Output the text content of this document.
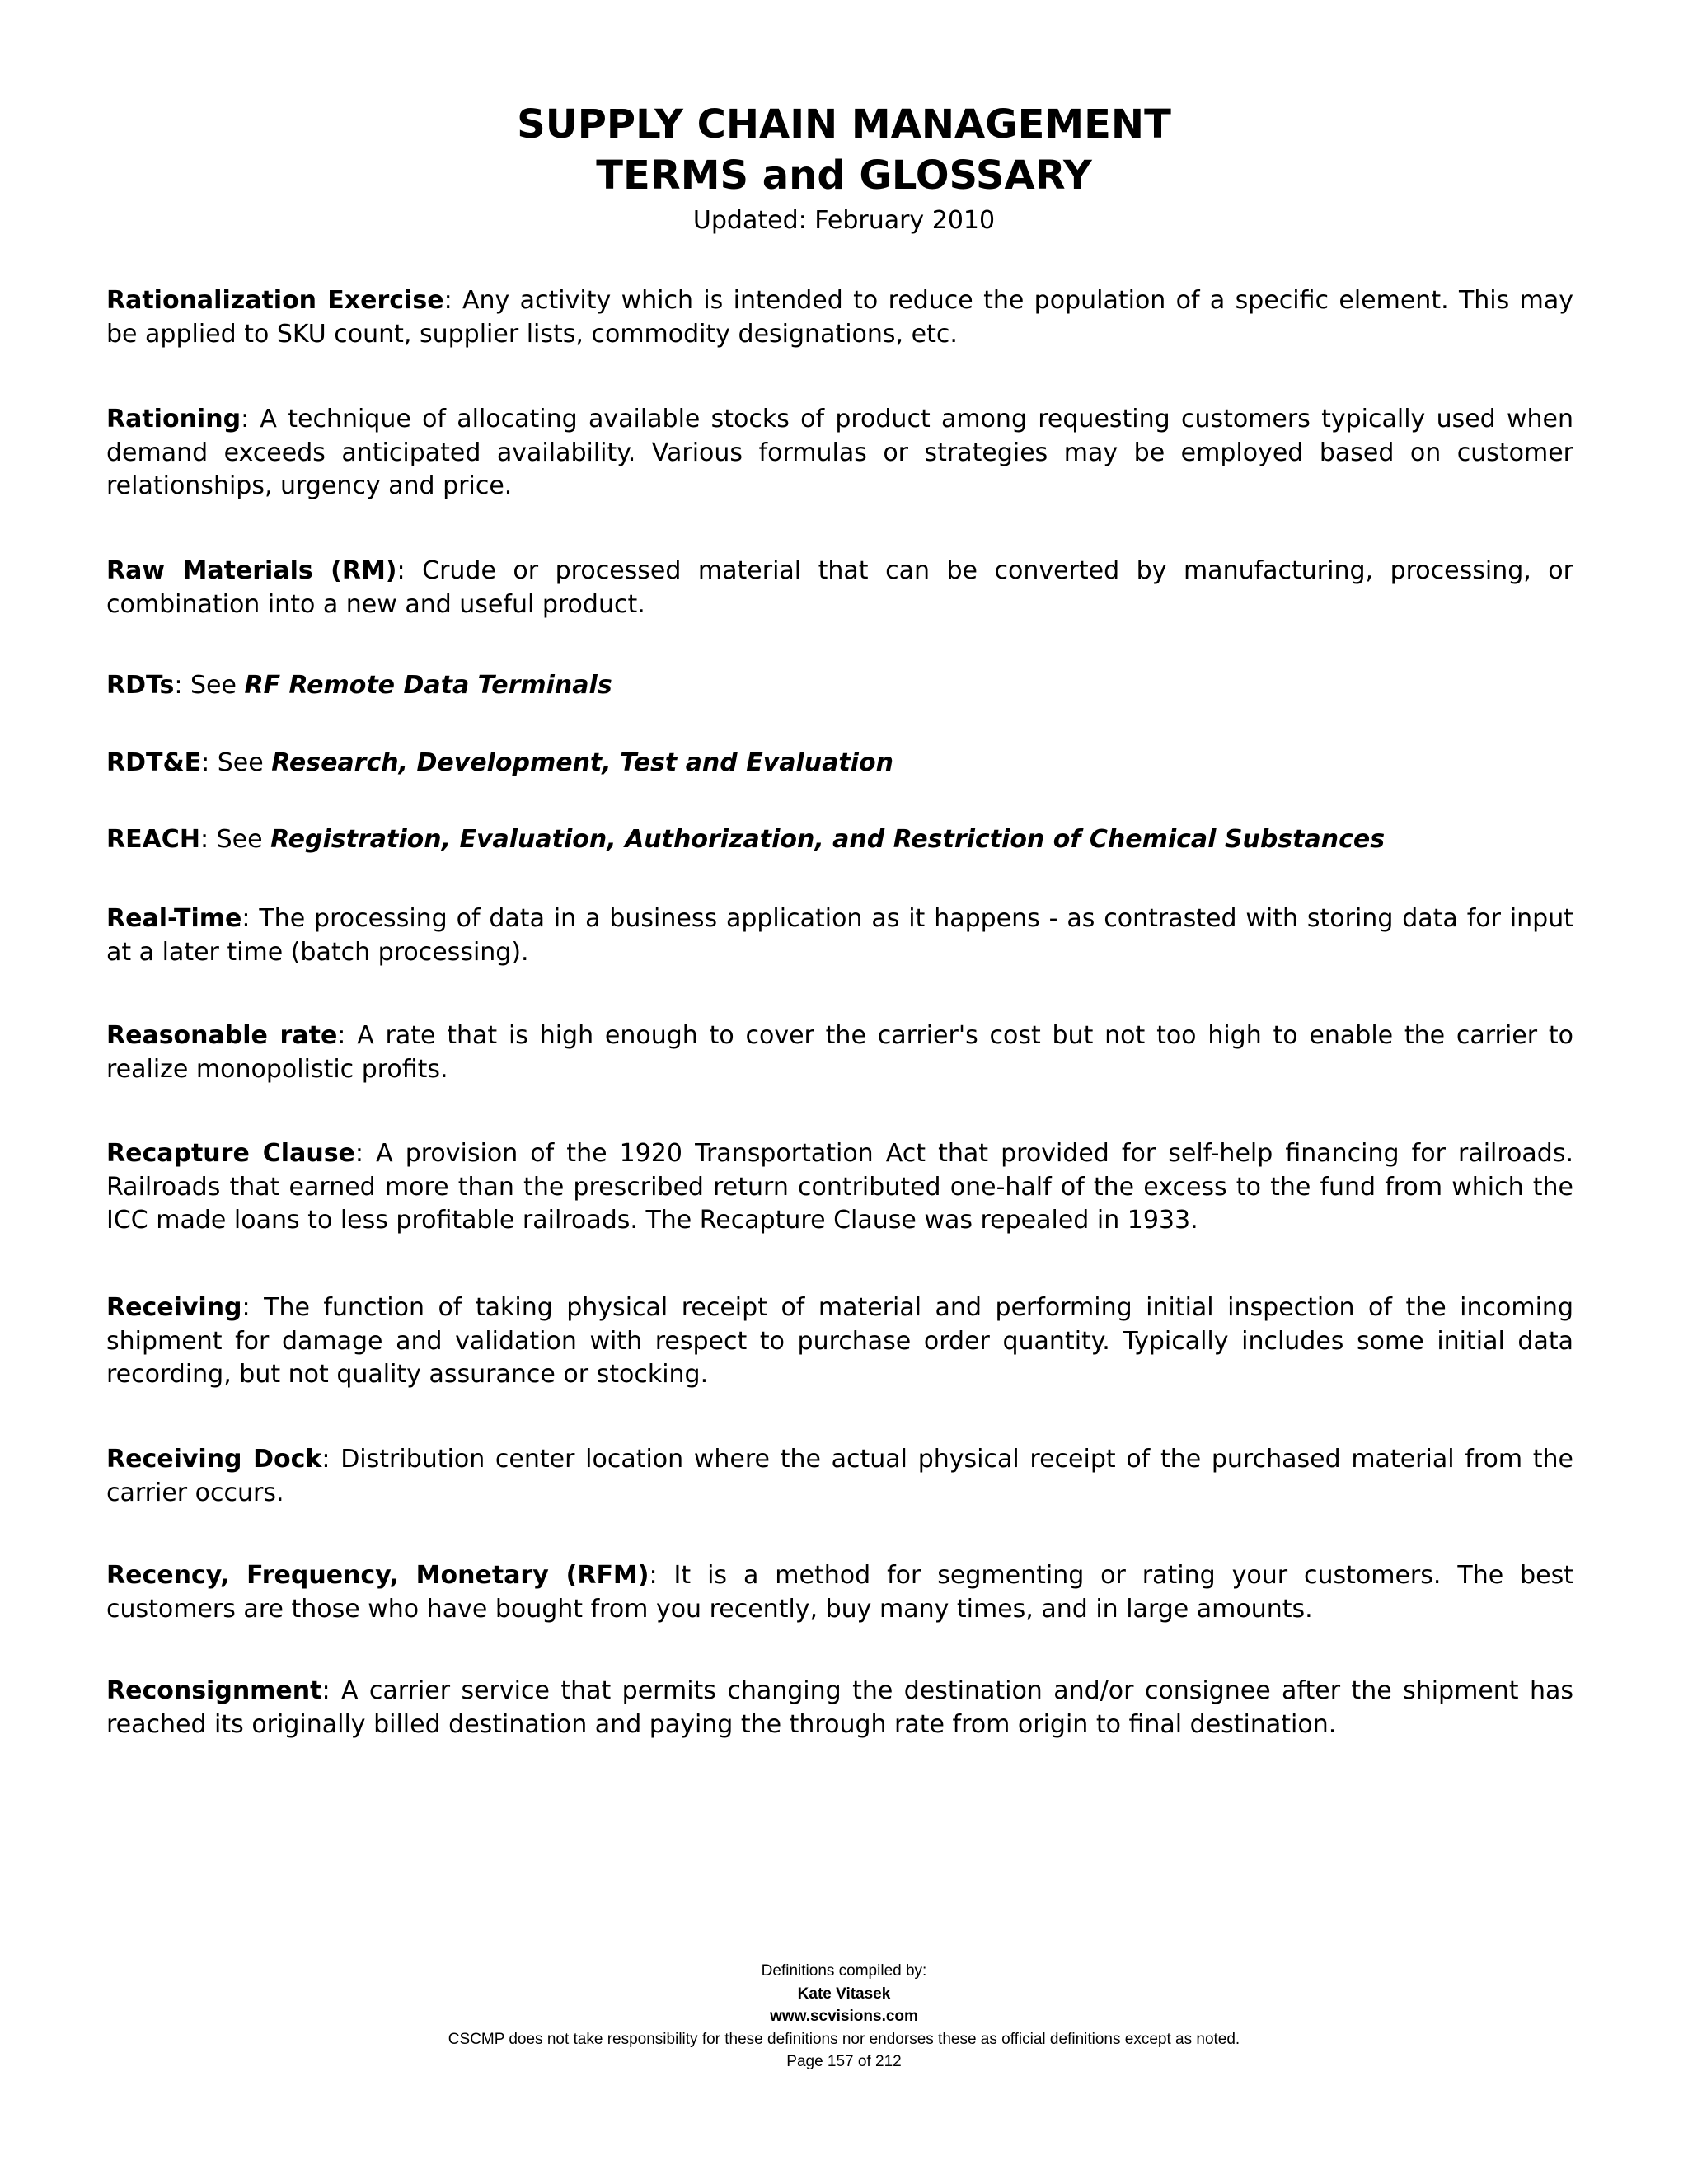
SUPPLY CHAIN MANAGEMENT
TERMS and GLOSSARY
Updated: February 2010

Rationalization Exercise: Any activity which is intended to reduce the population of a specific element. This may be applied to SKU count, supplier lists, commodity designations, etc.

Rationing: A technique of allocating available stocks of product among requesting customers typically used when demand exceeds anticipated availability. Various formulas or strategies may be employed based on customer relationships, urgency and price.

Raw Materials (RM): Crude or processed material that can be converted by manufacturing, processing, or combination into a new and useful product.

RDTs: See RF Remote Data Terminals

RDT&E: See Research, Development, Test and Evaluation

REACH: See Registration, Evaluation, Authorization, and Restriction of Chemical Substances

Real-Time: The processing of data in a business application as it happens - as contrasted with storing data for input at a later time (batch processing).

Reasonable rate: A rate that is high enough to cover the carrier's cost but not too high to enable the carrier to realize monopolistic profits.

Recapture Clause: A provision of the 1920 Transportation Act that provided for self-help financing for railroads. Railroads that earned more than the prescribed return contributed one-half of the excess to the fund from which the ICC made loans to less profitable railroads. The Recapture Clause was repealed in 1933.

Receiving: The function of taking physical receipt of material and performing initial inspection of the incoming shipment for damage and validation with respect to purchase order quantity. Typically includes some initial data recording, but not quality assurance or stocking.

Receiving Dock: Distribution center location where the actual physical receipt of the purchased material from the carrier occurs.

Recency, Frequency, Monetary (RFM): It is a method for segmenting or rating your customers. The best customers are those who have bought from you recently, buy many times, and in large amounts.

Reconsignment: A carrier service that permits changing the destination and/or consignee after the shipment has reached its originally billed destination and paying the through rate from origin to final destination.

Definitions compiled by:
Kate Vitasek
www.scvisions.com
CSCMP does not take responsibility for these definitions nor endorses these as official definitions except as noted.
Page 157 of 212
